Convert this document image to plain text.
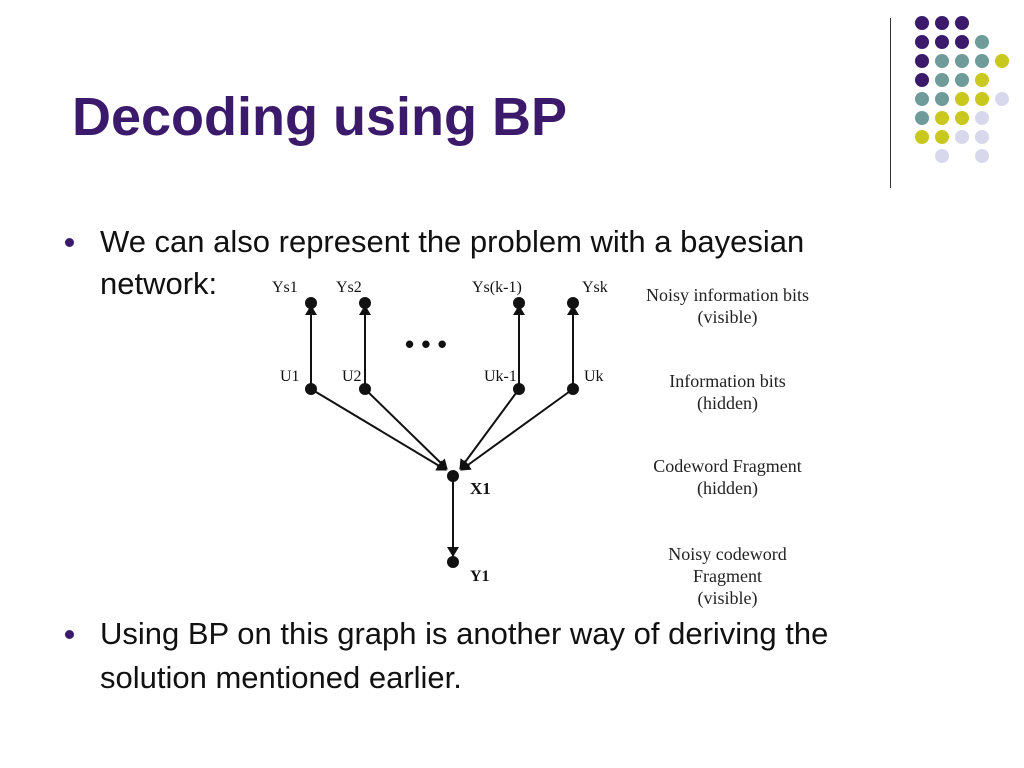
Decoding using BP
We can also represent the problem with a bayesian
network:
Using BP on this graph is another way of deriving the
solution mentioned earlier.
Ys1 Ys2	Ys(k-1)	Ysk
U1	U2	Uk-1	Uk
• • •
X1
Y1
Noisy information bits
(visible)
Information bits
(hidden)
Codeword Fragment
(hidden)
Noisy codeword
Fragment
(visible)
